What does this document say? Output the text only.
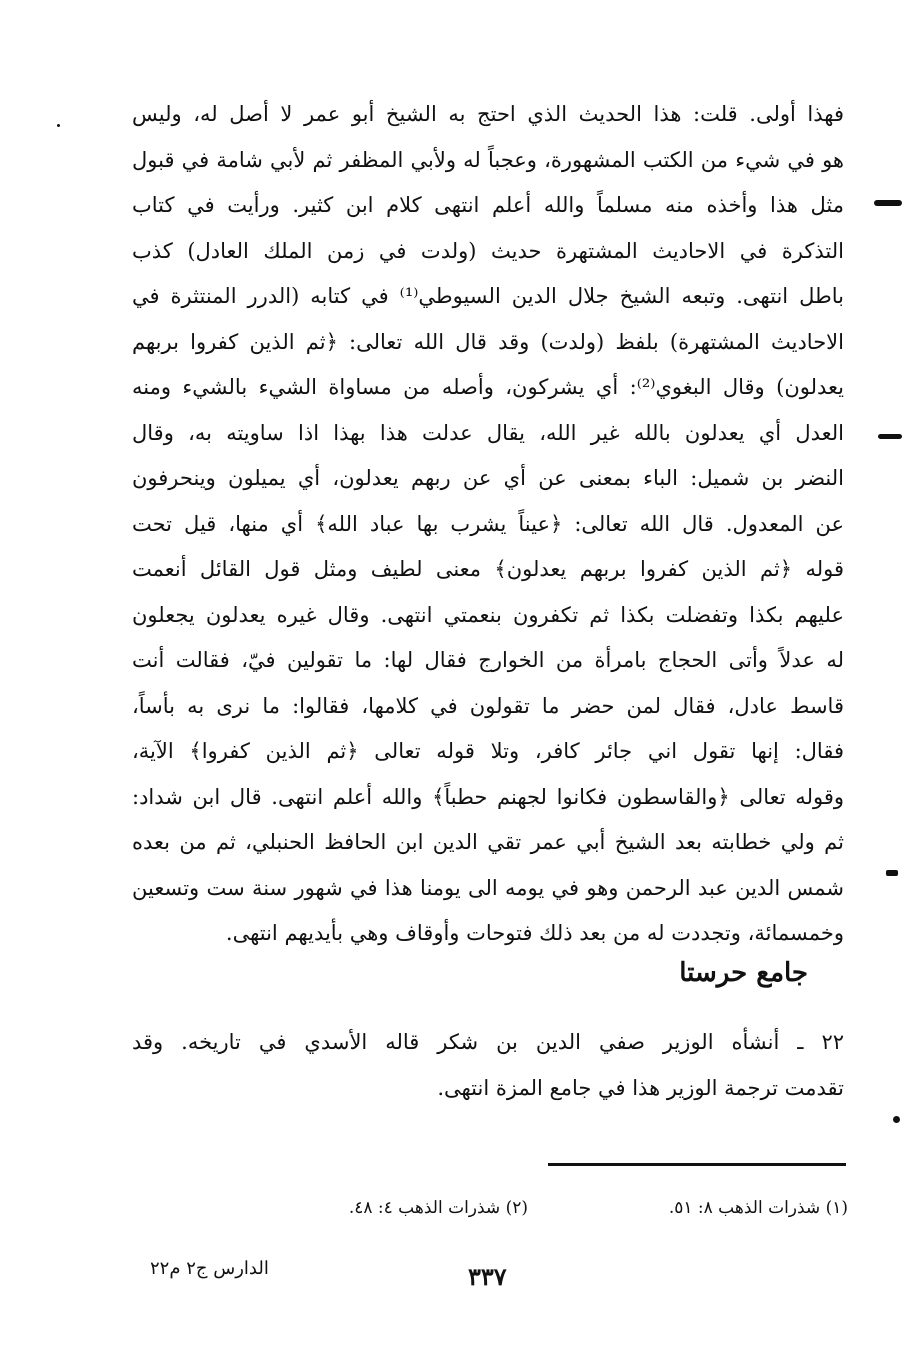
فهذا أولى. قلت: هذا الحديث الذي احتج به الشيخ أبو عمر لا أصل له، وليس
هو في شيء من الكتب المشهورة، وعجباً له ولأبي المظفر ثم لأبي شامة في قبول
مثل هذا وأخذه منه مسلماً والله أعلم انتهى كلام ابن كثير. ورأيت في كتاب
التذكرة في الاحاديث المشتهرة حديث (ولدت في زمن الملك العادل) كذب
باطل انتهى. وتبعه الشيخ جلال الدين السيوطي⁽¹⁾ في كتابه (الدرر المنتثرة في
الاحاديث المشتهرة) بلفظ (ولدت) وقد قال الله تعالى: ﴿ثم الذين كفروا بربهم
يعدلون) وقال البغوي⁽²⁾: أي يشركون، وأصله من مساواة الشيء بالشيء ومنه
العدل أي يعدلون بالله غير الله، يقال عدلت هذا بهذا اذا ساويته به، وقال
النضر بن شميل: الباء بمعنى عن أي عن ربهم يعدلون، أي يميلون وينحرفون
عن المعدول. قال الله تعالى: ﴿عيناً يشرب بها عباد الله﴾ أي منها، قيل تحت
قوله ﴿ثم الذين كفروا بربهم يعدلون﴾ معنى لطيف ومثل قول القائل أنعمت
عليهم بكذا وتفضلت بكذا ثم تكفرون بنعمتي انتهى. وقال غيره يعدلون يجعلون
له عدلاً وأتى الحجاج بامرأة من الخوارج فقال لها: ما تقولين فيّ، فقالت أنت
قاسط عادل، فقال لمن حضر ما تقولون في كلامها، فقالوا: ما نرى به بأساً،
فقال: إنها تقول اني جائر كافر، وتلا قوله تعالى ﴿ثم الذين كفروا﴾ الآية،
وقوله تعالى ﴿والقاسطون فكانوا لجهنم حطباً﴾ والله أعلم انتهى. قال ابن شداد:
ثم ولي خطابته بعد الشيخ أبي عمر تقي الدين ابن الحافظ الحنبلي، ثم من بعده
شمس الدين عبد الرحمن وهو في يومه الى يومنا هذا في شهور سنة ست وتسعين
وخمسمائة، وتجددت له من بعد ذلك فتوحات وأوقاف وهي بأيديهم انتهى.
جامع حرستا
٢٢ ـ أنشأه الوزير صفي الدين بن شكر قاله الأسدي في تاريخه. وقد
تقدمت ترجمة الوزير هذا في جامع المزة انتهى.
(١) شذرات الذهب ٨: ٥١.
(٢) شذرات الذهب ٤: ٤٨.
٣٣٧
الدارس ج٢ م٢٢
